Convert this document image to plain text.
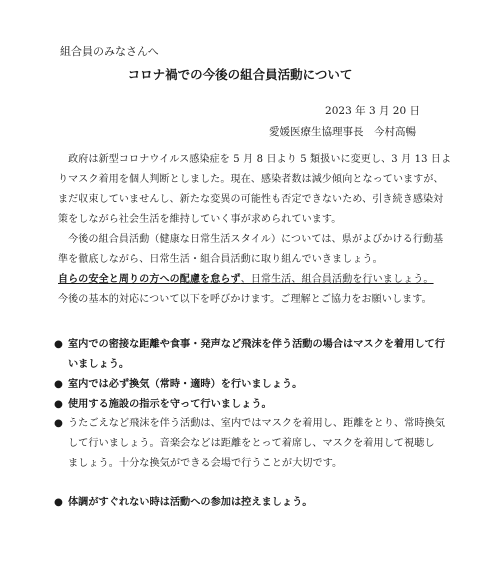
組合員のみなさんへ
コロナ禍での今後の組合員活動について
2023 年 3 月 20 日
愛媛医療生協理事長　今村高暢
　政府は新型コロナウイルス感染症を 5 月 8 日より 5 類扱いに変更し、3 月 13 日よ
りマスク着用を個人判断としました。現在、感染者数は減少傾向となっていますが、
まだ収束していませんし、新たな変異の可能性も否定できないため、引き続き感染対
策をしながら社会生活を維持していく事が求められています。
　今後の組合員活動（健康な日常生活スタイル）については、県がよびかける行動基
準を徹底しながら、日常生活・組合員活動に取り組んでいきましょう。
自らの安全と周りの方への配慮を怠らず、日常生活、組合員活動を行いましょう。
今後の基本的対応について以下を呼びかけます。ご理解とご協力をお願いします。
● 室内での密接な距離や食事・発声など飛沫を伴う活動の場合はマスクを着用して行
いましょう。
● 室内では必ず換気（常時・適時）を行いましょう。
● 使用する施設の指示を守って行いましょう。
● うたごえなど飛沫を伴う活動は、室内ではマスクを着用し、距離をとり、常時換気
して行いましょう。音楽会などは距離をとって着席し、マスクを着用して視聴し
ましょう。十分な換気ができる会場で行うことが大切です。
● 体調がすぐれない時は活動への参加は控えましょう。
